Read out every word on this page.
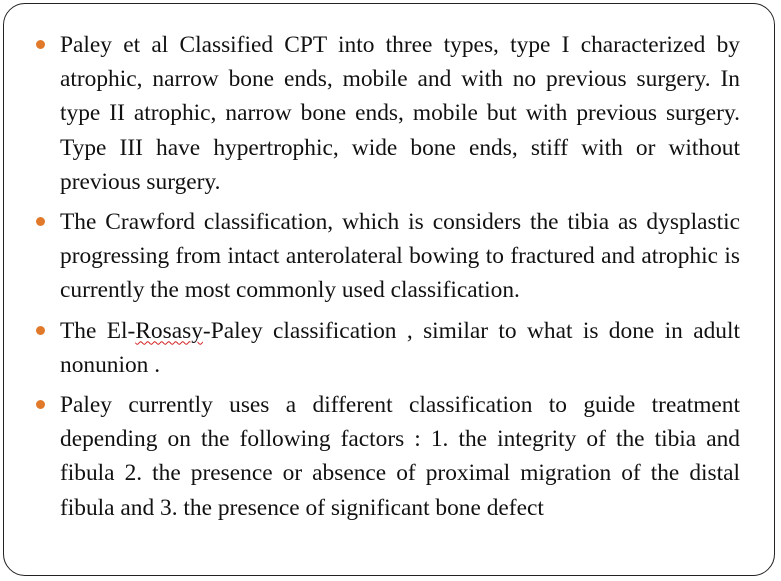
Paley et al Classified CPT into three types, type I characterized by atrophic, narrow bone ends, mobile and with no previous surgery. In type II atrophic, narrow bone ends, mobile but with previous surgery. Type III have hypertrophic, wide bone ends, stiff with or without previous surgery.
The Crawford classification, which is considers the tibia as dysplastic progressing from intact anterolateral bowing to fractured and atrophic is currently the most commonly used classification.
The El-Rosasy-Paley classification , similar to what is done in adult nonunion .
Paley currently uses a different classification to guide treatment depending on the following factors : 1. the integrity of the tibia and fibula 2. the presence or absence of proximal migration of the distal fibula and 3. the presence of significant bone defect
